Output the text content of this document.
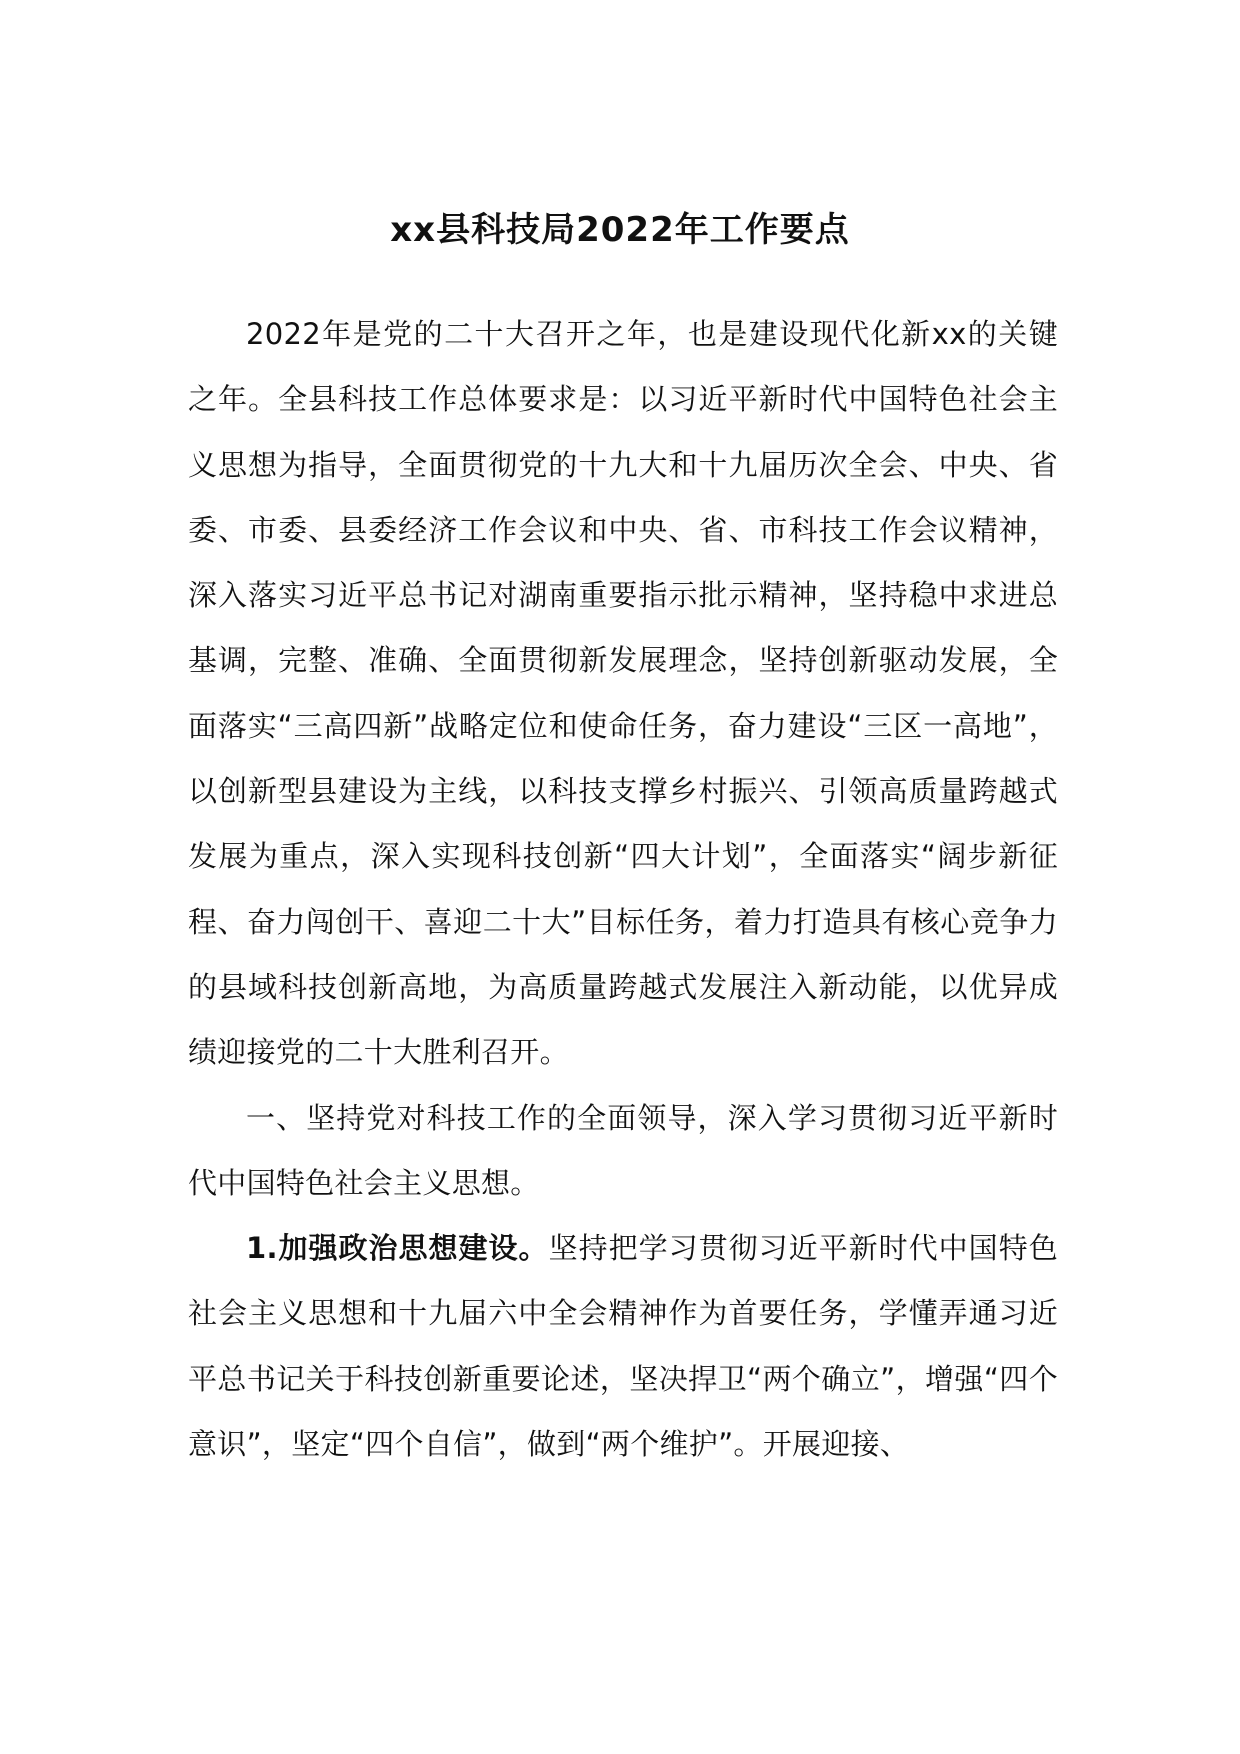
xx县科技局2022年工作要点

2022年是党的二十大召开之年，也是建设现代化新xx的关键之年。全县科技工作总体要求是：以习近平新时代中国特色社会主义思想为指导，全面贯彻党的十九大和十九届历次全会、中央、省委、市委、县委经济工作会议和中央、省、市科技工作会议精神，深入落实习近平总书记对湖南重要指示批示精神，坚持稳中求进总基调，完整、准确、全面贯彻新发展理念，坚持创新驱动发展，全面落实“三高四新”战略定位和使命任务，奋力建设“三区一高地”，以创新型县建设为主线，以科技支撑乡村振兴、引领高质量跨越式发展为重点，深入实现科技创新“四大计划”，全面落实“阔步新征程、奋力闯创干、喜迎二十大”目标任务，着力打造具有核心竞争力的县域科技创新高地，为高质量跨越式发展注入新动能，以优异成绩迎接党的二十大胜利召开。

一、坚持党对科技工作的全面领导，深入学习贯彻习近平新时代中国特色社会主义思想。

1.加强政治思想建设。坚持把学习贯彻习近平新时代中国特色社会主义思想和十九届六中全会精神作为首要任务，学懂弄通习近平总书记关于科技创新重要论述，坚决捍卫“两个确立”，增强“四个意识”，坚定“四个自信”，做到“两个维护”。开展迎接、
